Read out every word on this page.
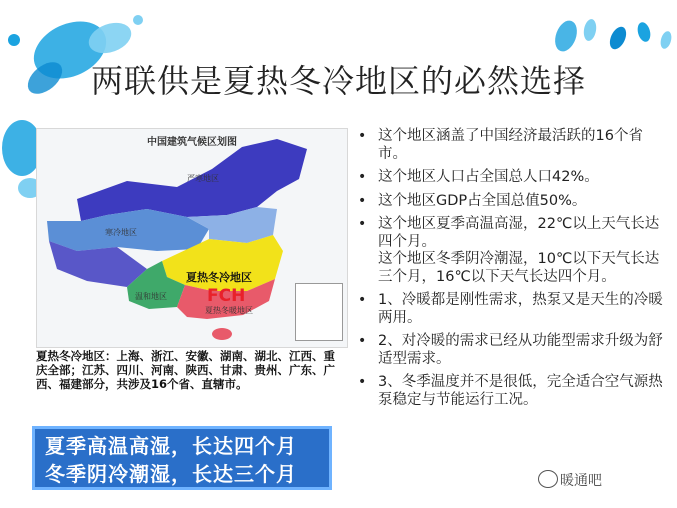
两联供是夏热冬冷地区的必然选择
中国建筑气候区划图
严寒地区
寒冷地区
温和地区
夏热冬暖地区
夏热冬冷地区
FCH
夏热冬冷地区：上海、浙江、安徽、湖南、湖北、江西、重庆全部；江苏、四川、河南、陕西、甘肃、贵州、广东、广西、福建部分，共涉及16个省、直辖市。
夏季高温高湿，长达四个月
冬季阴冷潮湿，长达三个月
• 这个地区涵盖了中国经济最活跃的16个省市。
• 这个地区人口占全国总人口42%。
• 这个地区GDP占全国总值50%。
• 这个地区夏季高温高湿，22℃以上天气长达四个月。
这个地区冬季阴冷潮湿，10℃以下天气长达三个月，16℃以下天气长达四个月。
• 1、冷暖都是刚性需求，热泵又是天生的冷暖两用。
• 2、对冷暖的需求已经从功能型需求升级为舒适型需求。
• 3、冬季温度并不是很低，完全适合空气源热泵稳定与节能运行工况。
暖通吧
